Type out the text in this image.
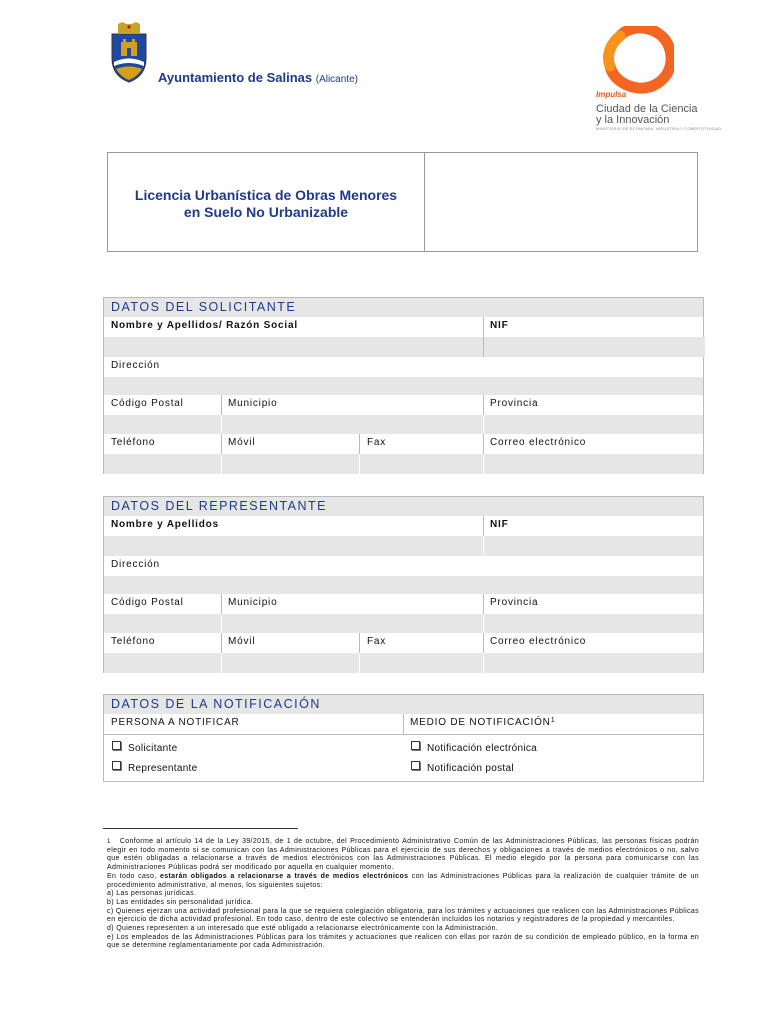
Ayuntamiento de Salinas (Alicante)
Impulsa
Ciudad de la Ciencia
y la Innovación
MINISTERIO DE ECONOMÍA, INDUSTRIA Y COMPETITIVIDAD
Licencia Urbanística de Obras Menores
en Suelo No Urbanizable
DATOS DEL SOLICITANTE
Nombre y Apellidos/ Razón Social	NIF
Dirección
Código Postal	Municipio	Provincia
Teléfono	Móvil	Fax	Correo electrónico
DATOS DEL REPRESENTANTE
Nombre y Apellidos	NIF
Dirección
Código Postal	Municipio	Provincia
Teléfono	Móvil	Fax	Correo electrónico
DATOS DE LA NOTIFICACIÓN
PERSONA A NOTIFICAR	MEDIO DE NOTIFICACIÓN$^1$
Solicitante
Representante
Notificación electrónica
Notificación postal

1 Conforme al artículo 14 de la Ley 39/2015, de 1 de octubre, del Procedimiento Administrativo Común de las Administraciones Públicas, las personas físicas podrán elegir en todo momento si se comunican con las Administraciones Públicas para el ejercicio de sus derechos y obligaciones a través de medios electrónicos o no, salvo que estén obligadas a relacionarse a través de medios electrónicos con las Administraciones Públicas. El medio elegido por la persona para comunicarse con las Administraciones Públicas podrá ser modificado por aquella en cualquier momento.

En todo caso, estarán obligados a relacionarse a través de medios electrónicos con las Administraciones Públicas para la realización de cualquier trámite de un procedimiento administrativo, al menos, los siguientes sujetos:

a) Las personas jurídicas.

b) Las entidades sin personalidad jurídica.

c) Quienes ejerzan una actividad profesional para la que se requiera colegiación obligatoria, para los trámites y actuaciones que realicen con las Administraciones Públicas en ejercicio de dicha actividad profesional. En todo caso, dentro de este colectivo se entenderán incluidos los notarios y registradores de la propiedad y mercantiles.

d) Quienes representen a un interesado que esté obligado a relacionarse electrónicamente con la Administración.

e) Los empleados de las Administraciones Públicas para los trámites y actuaciones que realicen con ellas por razón de su condición de empleado público, en la forma en que se determine reglamentariamente por cada Administración.
